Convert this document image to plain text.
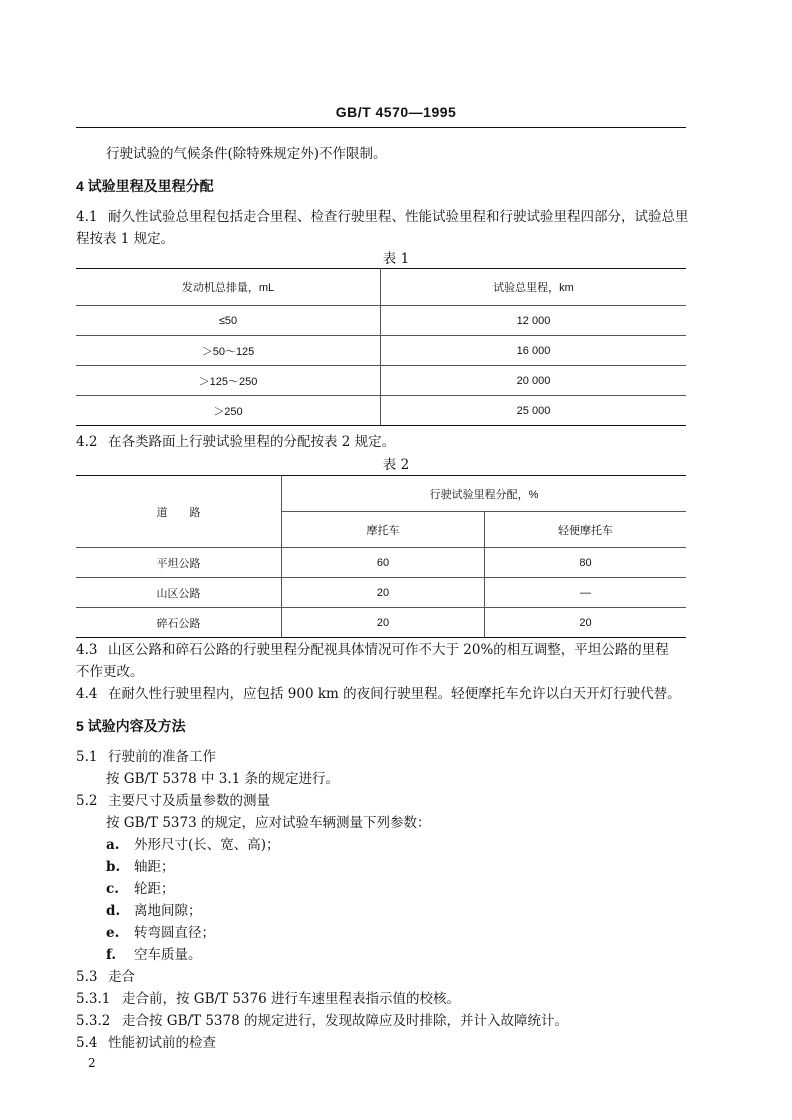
GB/T 4570—1995
行驶试验的气候条件(除特殊规定外)不作限制。
4 试验里程及里程分配
4.1 耐久性试验总里程包括走合里程、检查行驶里程、性能试验里程和行驶试验里程四部分，试验总里
程按表 1 规定。
表 1
发动机总排量，mL	试验总里程，km
≤50	12 000
＞50～125	16 000
＞125～250	20 000
＞250	25 000
4.2 在各类路面上行驶试验里程的分配按表 2 规定。
表 2
道　　路	行驶试验里程分配，%	
	摩托车	轻便摩托车
平坦公路	60	80
山区公路	20	—
碎石公路	20	20
4.3 山区公路和碎石公路的行驶里程分配视具体情况可作不大于 20%的相互调整，平坦公路的里程
不作更改。
4.4 在耐久性行驶里程内，应包括 900 km 的夜间行驶里程。轻便摩托车允许以白天开灯行驶代替。
5 试验内容及方法
5.1 行驶前的准备工作
按 GB/T 5378 中 3.1 条的规定进行。
5.2 主要尺寸及质量参数的测量
按 GB/T 5373 的规定，应对试验车辆测量下列参数：
a. 外形尺寸(长、宽、高)；
b. 轴距；
c. 轮距；
d. 离地间隙；
e. 转弯圆直径；
f. 空车质量。
5.3 走合
5.3.1 走合前，按 GB/T 5376 进行车速里程表指示值的校核。
5.3.2 走合按 GB/T 5378 的规定进行，发现故障应及时排除，并计入故障统计。
5.4 性能初试前的检查
2
